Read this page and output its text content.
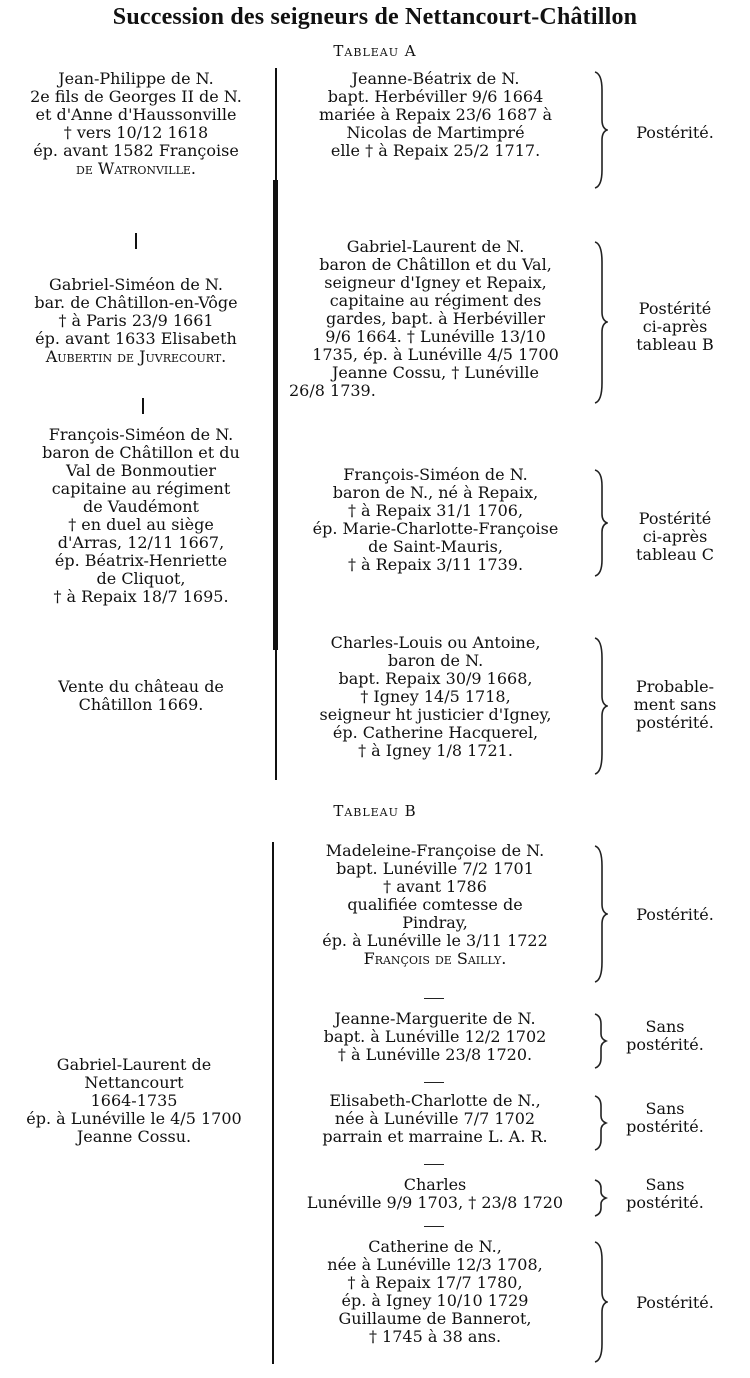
Succession des seigneurs de Nettancourt-Châtillon
Tableau A
Jean-Philippe de N.
2e fils de Georges II de N.
et d'Anne d'Haussonville
† vers 10/12 1618
ép. avant 1582 Françoise
de Watronville.
Gabriel-Siméon de N.
bar. de Châtillon-en-Vôge
† à Paris 23/9 1661
ép. avant 1633 Elisabeth
Aubertin de Juvrecourt.
François-Siméon de N.
baron de Châtillon et du
Val de Bonmoutier
capitaine au régiment
de Vaudémont
† en duel au siège
d'Arras, 12/11 1667,
ép. Béatrix-Henriette
de Cliquot,
† à Repaix 18/7 1695.
Vente du château de
Châtillon 1669.
Jeanne-Béatrix de N.
bapt. Herbéviller 9/6 1664
mariée à Repaix 23/6 1687 à
Nicolas de Martimpré
elle † à Repaix 25/2 1717.
Gabriel-Laurent de N.
baron de Châtillon et du Val,
seigneur d'Igney et Repaix,
capitaine au régiment des
gardes, bapt. à Herbéviller
9/6 1664. † Lunéville 13/10
1735, ép. à Lunéville 4/5 1700
Jeanne Cossu, † Lunéville
26/8 1739.
François-Siméon de N.
baron de N., né à Repaix,
† à Repaix 31/1 1706,
ép. Marie-Charlotte-Françoise
de Saint-Mauris,
† à Repaix 3/11 1739.
Charles-Louis ou Antoine,
baron de N.
bapt. Repaix 30/9 1668,
† Igney 14/5 1718,
seigneur ht justicier d'Igney,
ép. Catherine Hacquerel,
† à Igney 1/8 1721.
Postérité.
Postérité
ci-après
tableau B
Postérité
ci-après
tableau C
Probable-
ment sans
postérité.
Tableau B
Gabriel-Laurent de
Nettancourt
1664-1735
ép. à Lunéville le 4/5 1700
Jeanne Cossu.
Madeleine-Françoise de N.
bapt. Lunéville 7/2 1701
† avant 1786
qualifiée comtesse de
Pindray,
ép. à Lunéville le 3/11 1722
François de Sailly.
Jeanne-Marguerite de N.
bapt. à Lunéville 12/2 1702
† à Lunéville 23/8 1720.
Elisabeth-Charlotte de N.,
née à Lunéville 7/7 1702
parrain et marraine L. A. R.
Charles
Lunéville 9/9 1703, † 23/8 1720
Catherine de N.,
née à Lunéville 12/3 1708,
† à Repaix 17/7 1780,
ép. à Igney 10/10 1729
Guillaume de Bannerot,
† 1745 à 38 ans.
Postérité.
Sans
postérité.
Sans
postérité.
Sans
postérité.
Postérité.
